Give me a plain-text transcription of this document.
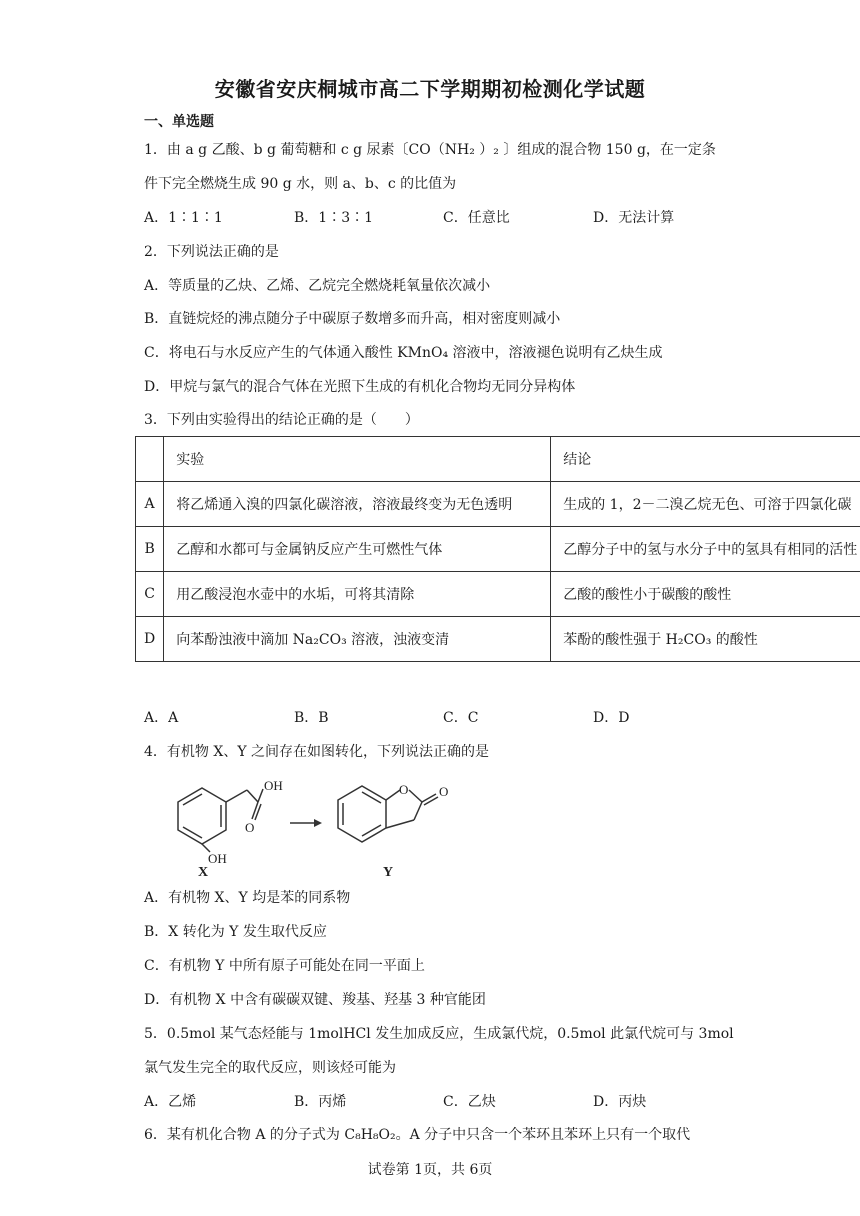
安徽省安庆桐城市高二下学期期初检测化学试题
一、单选题
1．由 a g 乙酸、b g 葡萄糖和 c g 尿素〔CO（NH₂ ）₂ 〕组成的混合物 150 g，在一定条
件下完全燃烧生成 90 g 水，则 a、b、c 的比值为
A．1∶1∶1	B．1∶3∶1	C．任意比	D．无法计算
2．下列说法正确的是
A．等质量的乙炔、乙烯、乙烷完全燃烧耗氧量依次减小
B．直链烷烃的沸点随分子中碳原子数增多而升高，相对密度则减小
C．将电石与水反应产生的气体通入酸性 KMnO₄ 溶液中，溶液褪色说明有乙炔生成
D．甲烷与氯气的混合气体在光照下生成的有机化合物均无同分异构体
3．下列由实验得出的结论正确的是（　　）
	实验	结论
A	将乙烯通入溴的四氯化碳溶液，溶液最终变为无色透明	生成的 1，2－二溴乙烷无色、可溶于四氯化碳
B	乙醇和水都可与金属钠反应产生可燃性气体	乙醇分子中的氢与水分子中的氢具有相同的活性
C	用乙酸浸泡水壶中的水垢，可将其清除	乙酸的酸性小于碳酸的酸性
D	向苯酚浊液中滴加 Na₂CO₃ 溶液，浊液变清	苯酚的酸性强于 H₂CO₃ 的酸性
A．A	B．B	C．C	D．D
4．有机物 X、Y 之间存在如图转化，下列说法正确的是
OH
O
OH
O O
X	Y
A．有机物 X、Y 均是苯的同系物
B．X 转化为 Y 发生取代反应
C．有机物 Y 中所有原子可能处在同一平面上
D．有机物 X 中含有碳碳双键、羧基、羟基 3 种官能团
5．0.5mol 某气态烃能与 1molHCl 发生加成反应，生成氯代烷，0.5mol 此氯代烷可与 3mol
氯气发生完全的取代反应，则该烃可能为
A．乙烯	B．丙烯	C．乙炔	D．丙炔
6．某有机化合物 A 的分子式为 C₈H₈O₂。A 分子中只含一个苯环且苯环上只有一个取代
试卷第 1页，共 6页
